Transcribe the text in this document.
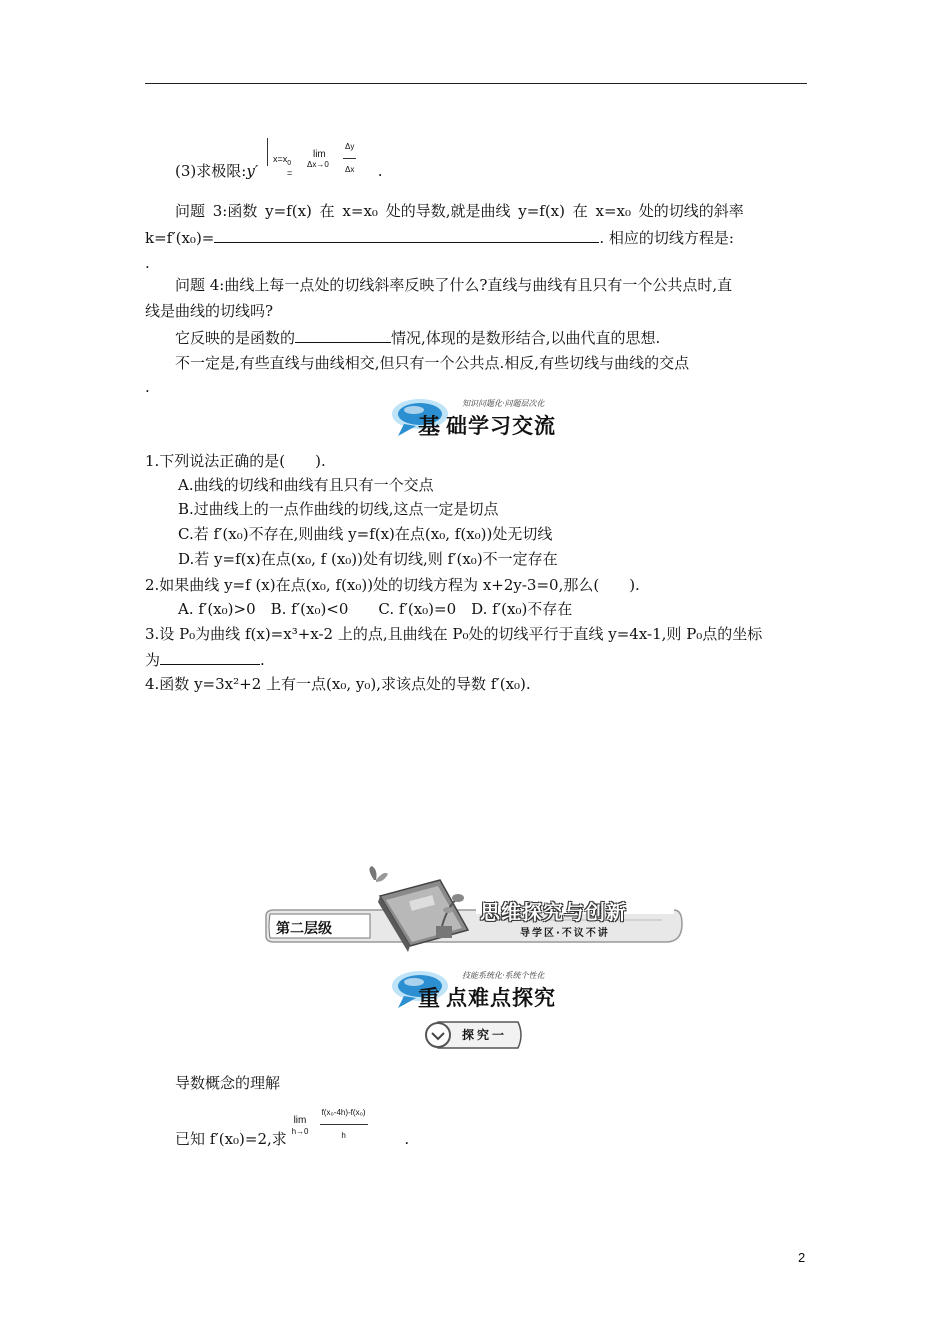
(3)求极限:y′
$x=x_0$
=
lim
$\Delta x\to 0 \frac{\Delta y}{\Delta x}$ .
问题 3:函数 y=f(x) 在 x=x₀ 处的导数,就是曲线 y=f(x) 在 x=x₀ 处的切线的斜率
k=f′(x₀)=	. 相应的切线方程是:
.
问题 4:曲线上每一点处的切线斜率反映了什么?直线与曲线有且只有一个公共点时,直
线是曲线的切线吗?
它反映的是函数的	情况,体现的是数形结合,以曲代直的思想.
不一定是,有些直线与曲线相交,但只有一个公共点.相反,有些切线与曲线的交点
.
知识问题化·问题层次化
基 础学习交流
1.下列说法正确的是(　　).
A.曲线的切线和曲线有且只有一个交点
B.过曲线上的一点作曲线的切线,这点一定是切点
C.若 f′(x₀)不存在,则曲线 y=f(x)在点(x₀, f(x₀))处无切线
D.若 y=f(x)在点(x₀, f (x₀))处有切线,则 f′(x₀)不一定存在
2.如果曲线 y=f (x)在点(x₀, f(x₀))处的切线方程为 x+2y-3=0,那么(　　).
A. f′(x₀)>0　B. f′(x₀)<0　　C. f′(x₀)=0　D. f′(x₀)不存在
3.设 P₀为曲线 f(x)=x³+x-2 上的点,且曲线在 P₀处的切线平行于直线 y=4x-1,则 P₀点的坐标
为	.
4.函数 y=3x²+2 上有一点(x₀, y₀),求该点处的导数 f′(x₀).
第二层级
思维探究与创新
导学区·不议不讲
技能系统化·系统个性化
重 点难点探究
探究一
导数概念的理解
已知 f′(x₀)=2,求
lim
$h\to 0 \frac{\text{f(x₀-4h)-f(x₀)}}{h}$ .
2
